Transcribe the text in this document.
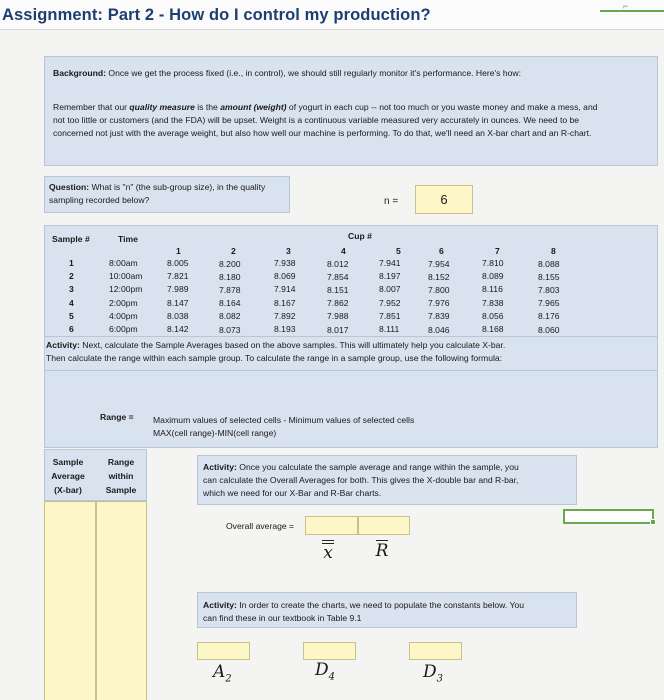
Assignment: Part 2 - How do I control my production?	⌐
Background: Once we get the process fixed (i.e., in control), we should still regularly monitor it's performance. Here's how:
Remember that our quality measure is the amount (weight) of yogurt in each cup -- not too much or you waste money and make a mess, and
not too little or customers (and the FDA) will be upset. Weight is a continuous variable measured very accurately in ounces. We need to be
concerned not just with the average weight, but also how well our machine is performing. To do that, we'll need an X-bar chart and an R-chart.
Question: What is "n" (the sub-group size), in the quality
sampling recorded below?	n =	6
Sample #	Time	Cup #
1	2	3	4	5	6	7	8
1	8:00am	8.005	8.200	7.938	8.012	7.941	7.954	7.810	8.088
2	10:00am	7.821	8.180	8.069	7.854	8.197	8.152	8.089	8.155
3	12:00pm	7.989	7.878	7.914	8.151	8.007	7.800	8.116	7.803
4	2:00pm	8.147	8.164	8.167	7.862	7.952	7.976	7.838	7.965
5	4:00pm	8.038	8.082	7.892	7.988	7.851	7.839	8.056	8.176
6	6:00pm	8.142	8.073	8.193	8.017	8.111	8.046	8.168	8.060
Activity: Next, calculate the Sample Averages based on the above samples. This will ultimately help you calculate X-bar.
Then calculate the range within each sample group. To calculate the range in a sample group, use the following formula:
Range = Maximum values of selected cells - Minimum values of selected cells
MAX(cell range)-MIN(cell range)
Sample
Average
(X-bar)
Range
within
Sample
Activity: Once you calculate the sample average and range within the sample, you
can calculate the Overall Averages for both. This gives the X-double bar and R-bar,
which we need for our X-Bar and R-Bar charts.
Overall average =
x	R
Activity: In order to create the charts, we need to populate the constants below. You
can find these in our textbook in Table 9.1
$A_2$	$D_4$	$D_3$
